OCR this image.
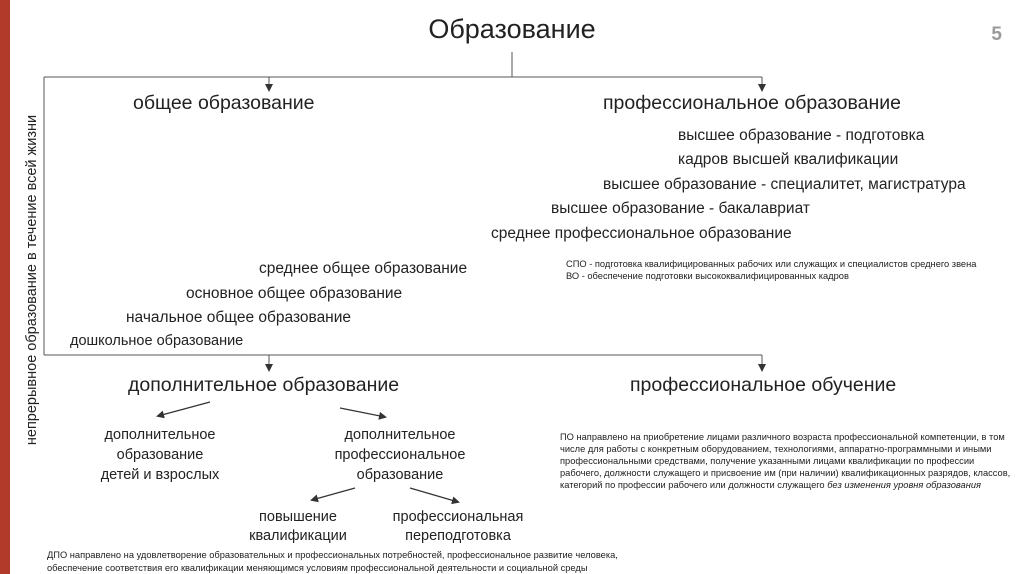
Образование	5
непрерывное образование в течение всей жизни
общее образование	профессиональное образование
высшее образование - подготовка
кадров высшей квалификации
высшее образование - специалитет, магистратура
высшее образование - бакалавриат
среднее профессиональное образование
среднее общее образование
основное общее образование
начальное общее образование
дошкольное образование
СПО - подготовка квалифицированных рабочих или служащих и специалистов среднего звена
ВО - обеспечение подготовки высококвалифицированных кадров
дополнительное образование	профессиональное обучение
дополнительное
образование
детей и взрослых
дополнительное
профессиональное
образование
повышение
квалификации
профессиональная
переподготовка
ПО направлено на приобретение лицами различного возраста профессиональной компетенции, в том числе для работы с конкретным оборудованием, технологиями, аппаратно-программными и иными профессиональными средствами, получение указанными лицами квалификации по профессии рабочего, должности служащего и присвоение им (при наличии) квалификационных разрядов, классов, категорий по профессии рабочего или должности служащего без изменения уровня образования
ДПО направлено на удовлетворение образовательных и профессиональных потребностей, профессиональное развитие человека,
обеспечение соответствия его квалификации меняющимся условиям профессиональной деятельности и социальной среды
